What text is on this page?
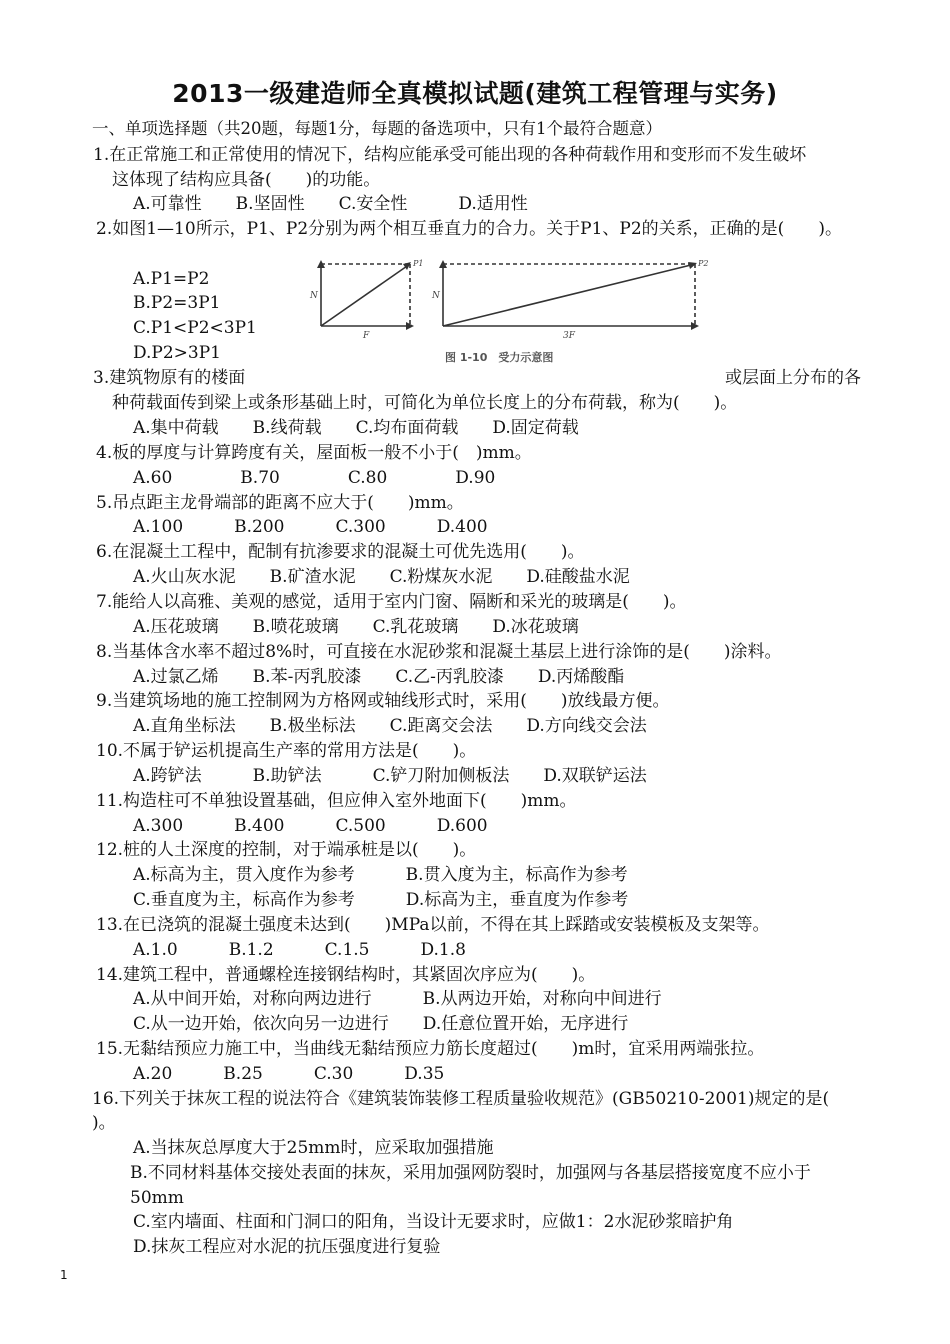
2013一级建造师全真模拟试题(建筑工程管理与实务)
一、单项选择题（共20题，每题1分，每题的备选项中，只有1个最符合题意）
1.在正常施工和正常使用的情况下，结构应能承受可能出现的各种荷载作用和变形而不发生破坏
这体现了结构应具备(　　)的功能。
A.可靠性　　B.坚固性　　C.安全性　　　D.适用性
2.如图1—10所示，P1、P2分别为两个相互垂直力的合力。关于P1、P2的关系，正确的是(　　)。
A.P1=P2
B.P2=3P1
C.P1<P2<3P1
D.P2>3P1
N
P1
F
N
P2
3F
图 1-10　受力示意图
3.建筑物原有的楼面	或层面上分布的各
种荷载面传到梁上或条形基础上时，可简化为单位长度上的分布荷载，称为(　　)。
A.集中荷载　　B.线荷载　　C.均布面荷载　　D.固定荷载
4.板的厚度与计算跨度有关，屋面板一般不小于(　)mm。
A.60　　　　B.70　　　　C.80　　　　D.90
5.吊点距主龙骨端部的距离不应大于(　　)mm。
A.100　　　B.200　　　C.300　　　D.400
6.在混凝土工程中，配制有抗渗要求的混凝土可优先选用(　　)。
A.火山灰水泥　　B.矿渣水泥　　C.粉煤灰水泥　　D.硅酸盐水泥
7.能给人以高雅、美观的感觉，适用于室内门窗、隔断和采光的玻璃是(　　)。
A.压花玻璃　　B.喷花玻璃　　C.乳花玻璃　　D.冰花玻璃
8.当基体含水率不超过8%时，可直接在水泥砂浆和混凝土基层上进行涂饰的是(　　)涂料。
A.过氯乙烯　　B.苯-丙乳胶漆　　C.乙-丙乳胶漆　　D.丙烯酸酯
9.当建筑场地的施工控制网为方格网或轴线形式时，采用(　　)放线最方便。
A.直角坐标法　　B.极坐标法　　C.距离交会法　　D.方向线交会法
10.不属于铲运机提高生产率的常用方法是(　　)。
A.跨铲法　　　B.助铲法　　　C.铲刀附加侧板法　　D.双联铲运法
11.构造柱可不单独设置基础，但应伸入室外地面下(　　)mm。
A.300　　　B.400　　　C.500　　　D.600
12.桩的人土深度的控制，对于端承桩是以(　　)。
A.标高为主，贯入度作为参考　　　B.贯入度为主，标高作为参考
C.垂直度为主，标高作为参考　　　D.标高为主，垂直度为作参考
13.在已浇筑的混凝土强度未达到(　　)MPa以前，不得在其上踩踏或安装模板及支架等。
A.1.0　　　B.1.2　　　C.1.5　　　D.1.8
14.建筑工程中，普通螺栓连接钢结构时，其紧固次序应为(　　)。
A.从中间开始，对称向两边进行　　　B.从两边开始，对称向中间进行
C.从一边开始，依次向另一边进行　　D.任意位置开始，无序进行
15.无黏结预应力施工中，当曲线无黏结预应力筋长度超过(　　)m时，宜采用两端张拉。
A.20　　　B.25　　　C.30　　　D.35
16.下列关于抹灰工程的说法符合《建筑装饰装修工程质量验收规范》(GB50210-2001)规定的是(
)。
A.当抹灰总厚度大于25mm时，应采取加强措施
B.不同材料基体交接处表面的抹灰，采用加强网防裂时，加强网与各基层搭接宽度不应小于
50mm
C.室内墙面、柱面和门洞口的阳角，当设计无要求时，应做1：2水泥砂浆暗护角
D.抹灰工程应对水泥的抗压强度进行复验
1
